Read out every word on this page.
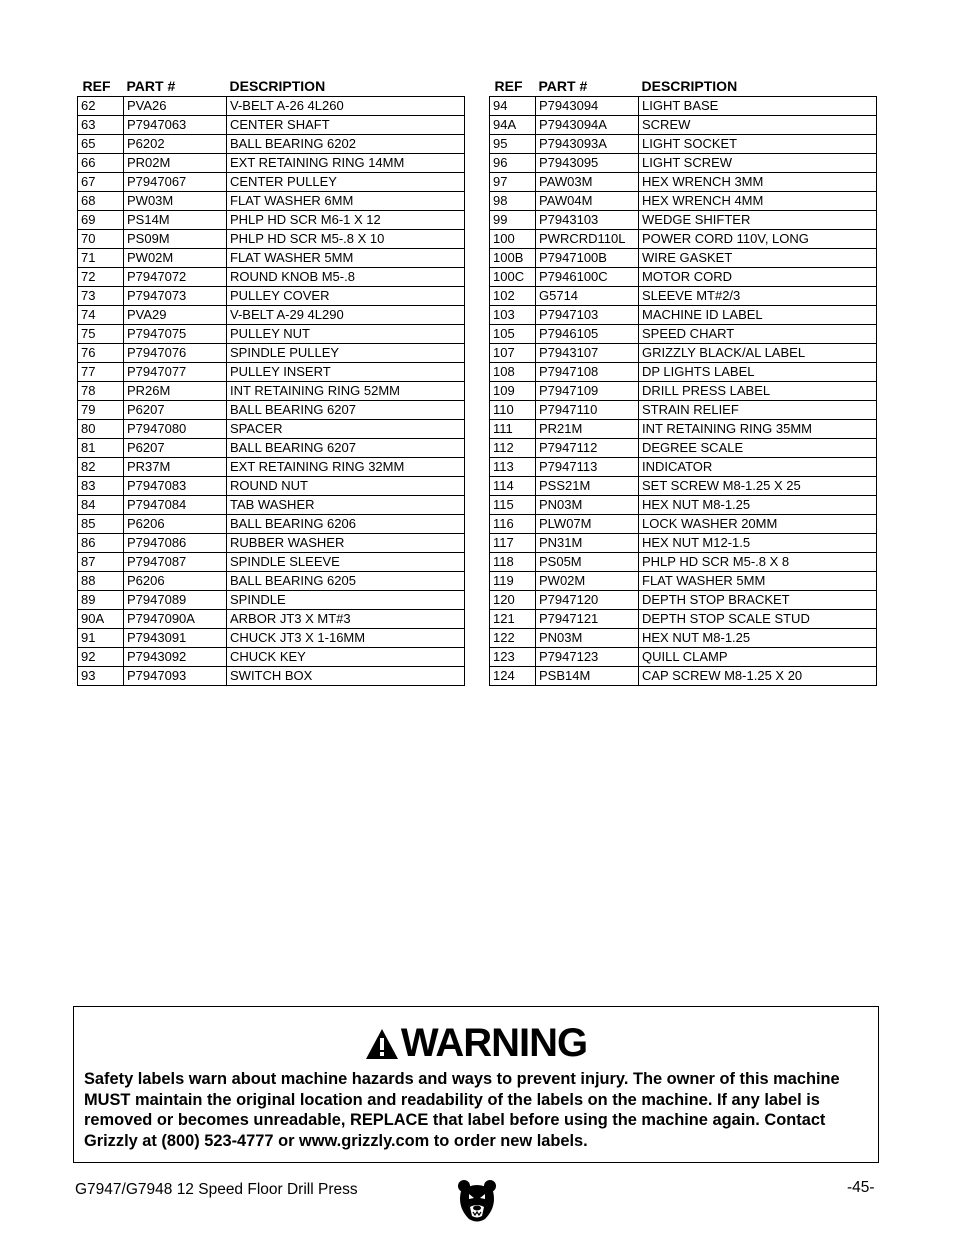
REF	PART #	DESCRIPTION
62	PVA26	V-BELT A-26 4L260
63	P7947063	CENTER SHAFT
65	P6202	BALL BEARING 6202
66	PR02M	EXT RETAINING RING 14MM
67	P7947067	CENTER PULLEY
68	PW03M	FLAT WASHER 6MM
69	PS14M	PHLP HD SCR M6-1 X 12
70	PS09M	PHLP HD SCR M5-.8 X 10
71	PW02M	FLAT WASHER 5MM
72	P7947072	ROUND KNOB M5-.8
73	P7947073	PULLEY COVER
74	PVA29	V-BELT A-29 4L290
75	P7947075	PULLEY NUT
76	P7947076	SPINDLE PULLEY
77	P7947077	PULLEY INSERT
78	PR26M	INT RETAINING RING 52MM
79	P6207	BALL BEARING 6207
80	P7947080	SPACER
81	P6207	BALL BEARING 6207
82	PR37M	EXT RETAINING RING 32MM
83	P7947083	ROUND NUT
84	P7947084	TAB WASHER
85	P6206	BALL BEARING 6206
86	P7947086	RUBBER WASHER
87	P7947087	SPINDLE SLEEVE
88	P6206	BALL BEARING 6205
89	P7947089	SPINDLE
90A	P7947090A	ARBOR JT3 X MT#3
91	P7943091	CHUCK JT3 X 1-16MM
92	P7943092	CHUCK KEY
93	P7947093	SWITCH BOX
REF	PART #	DESCRIPTION
94	P7943094	LIGHT BASE
94A	P7943094A	SCREW
95	P7943093A	LIGHT SOCKET
96	P7943095	LIGHT SCREW
97	PAW03M	HEX WRENCH 3MM
98	PAW04M	HEX WRENCH 4MM
99	P7943103	WEDGE SHIFTER
100	PWRCRD110L	POWER CORD 110V, LONG
100B	P7947100B	WIRE GASKET
100C	P7946100C	MOTOR CORD
102	G5714	SLEEVE MT#2/3
103	P7947103	MACHINE ID LABEL
105	P7946105	SPEED CHART
107	P7943107	GRIZZLY BLACK/AL LABEL
108	P7947108	DP LIGHTS LABEL
109	P7947109	DRILL PRESS LABEL
110	P7947110	STRAIN RELIEF
111	PR21M	INT RETAINING RING 35MM
112	P7947112	DEGREE SCALE
113	P7947113	INDICATOR
114	PSS21M	SET SCREW M8-1.25 X 25
115	PN03M	HEX NUT M8-1.25
116	PLW07M	LOCK WASHER 20MM
117	PN31M	HEX NUT M12-1.5
118	PS05M	PHLP HD SCR M5-.8 X 8
119	PW02M	FLAT WASHER 5MM
120	P7947120	DEPTH STOP BRACKET
121	P7947121	DEPTH STOP SCALE STUD
122	PN03M	HEX NUT M8-1.25
123	P7947123	QUILL CLAMP
124	PSB14M	CAP SCREW M8-1.25 X 20
WARNING
Safety labels warn about machine hazards and ways to prevent injury. The owner of this machine MUST maintain the original location and readability of the labels on the machine. If any label is removed or becomes unreadable, REPLACE that label before using the machine again. Contact Grizzly at (800) 523-4777 or www.grizzly.com to order new labels.
G7947/G7948 12 Speed Floor Drill Press	-45-
